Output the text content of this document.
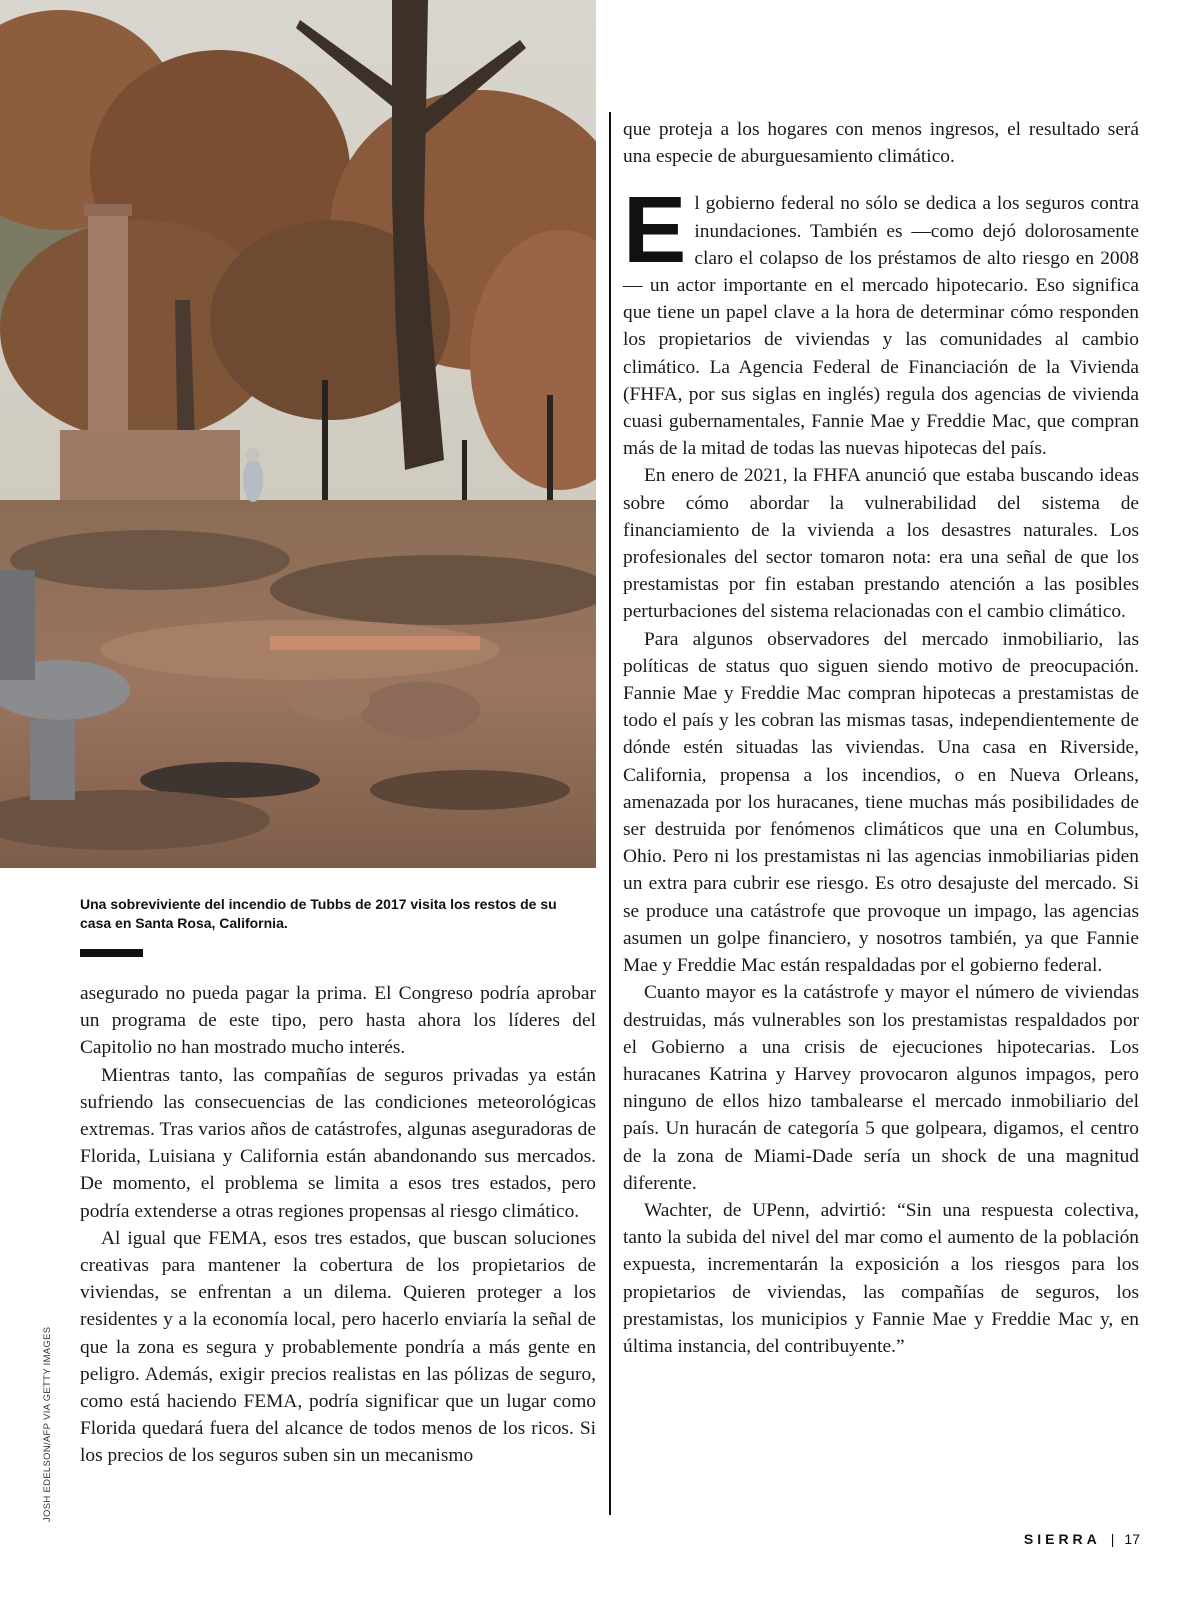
Una sobreviviente del incendio de Tubbs de 2017 visita los restos de su casa en Santa Rosa, California.
JOSH EDELSON/AFP VIA GETTY IMAGES

asegurado no pueda pagar la prima. El Congreso podría aprobar un programa de este tipo, pero hasta ahora los líderes del Capitolio no han mostrado mucho interés.

Mientras tanto, las compañías de seguros privadas ya están sufriendo las consecuencias de las condiciones meteorológicas extremas. Tras varios años de catástrofes, algunas aseguradoras de Florida, Luisiana y California están abandonando sus mercados. De momento, el problema se limita a esos tres estados, pero podría extenderse a otras regiones propensas al riesgo climático.

Al igual que FEMA, esos tres estados, que buscan soluciones creativas para mantener la cobertura de los propietarios de viviendas, se enfrentan a un dilema. Quieren proteger a los residentes y a la economía local, pero hacerlo enviaría la señal de que la zona es segura y probablemente pondría a más gente en peligro. Además, exigir precios realistas en las pólizas de seguro, como está haciendo FEMA, podría significar que un lugar como Florida quedará fuera del alcance de todos menos de los ricos. Si los precios de los seguros suben sin un mecanismo

que proteja a los hogares con menos ingresos, el resultado será una especie de aburguesamiento climático.

El gobierno federal no sólo se dedica a los seguros contra inundaciones. También es —como dejó dolorosamente claro el colapso de los préstamos de alto riesgo en 2008— un actor importante en el mercado hipotecario. Eso significa que tiene un papel clave a la hora de determinar cómo responden los propietarios de viviendas y las comunidades al cambio climático. La Agencia Federal de Financiación de la Vivienda (FHFA, por sus siglas en inglés) regula dos agencias de vivienda cuasi gubernamentales, Fannie Mae y Freddie Mac, que compran más de la mitad de todas las nuevas hipotecas del país.

En enero de 2021, la FHFA anunció que estaba buscando ideas sobre cómo abordar la vulnerabilidad del sistema de financiamiento de la vivienda a los desastres naturales. Los profesionales del sector tomaron nota: era una señal de que los prestamistas por fin estaban prestando atención a las posibles perturbaciones del sistema relacionadas con el cambio climático.

Para algunos observadores del mercado inmobiliario, las políticas de status quo siguen siendo motivo de preocupación. Fannie Mae y Freddie Mac compran hipotecas a prestamistas de todo el país y les cobran las mismas tasas, independientemente de dónde estén situadas las viviendas. Una casa en Riverside, California, propensa a los incendios, o en Nueva Orleans, amenazada por los huracanes, tiene muchas más posibilidades de ser destruida por fenómenos climáticos que una en Columbus, Ohio. Pero ni los prestamistas ni las agencias inmobiliarias piden un extra para cubrir ese riesgo. Es otro desajuste del mercado. Si se produce una catástrofe que provoque un impago, las agencias asumen un golpe financiero, y nosotros también, ya que Fannie Mae y Freddie Mac están respaldadas por el gobierno federal.

Cuanto mayor es la catástrofe y mayor el número de viviendas destruidas, más vulnerables son los prestamistas respaldados por el Gobierno a una crisis de ejecuciones hipotecarias. Los huracanes Katrina y Harvey provocaron algunos impagos, pero ninguno de ellos hizo tambalearse el mercado inmobiliario del país. Un huracán de categoría 5 que golpeara, digamos, el centro de la zona de Miami-Dade sería un shock de una magnitud diferente.

Wachter, de UPenn, advirtió: “Sin una respuesta colectiva, tanto la subida del nivel del mar como el aumento de la población expuesta, incrementarán la exposición a los riesgos para los propietarios de viviendas, las compañías de seguros, los prestamistas, los municipios y Fannie Mae y Freddie Mac y, en última instancia, del contribuyente.”

SIERRA | 17
